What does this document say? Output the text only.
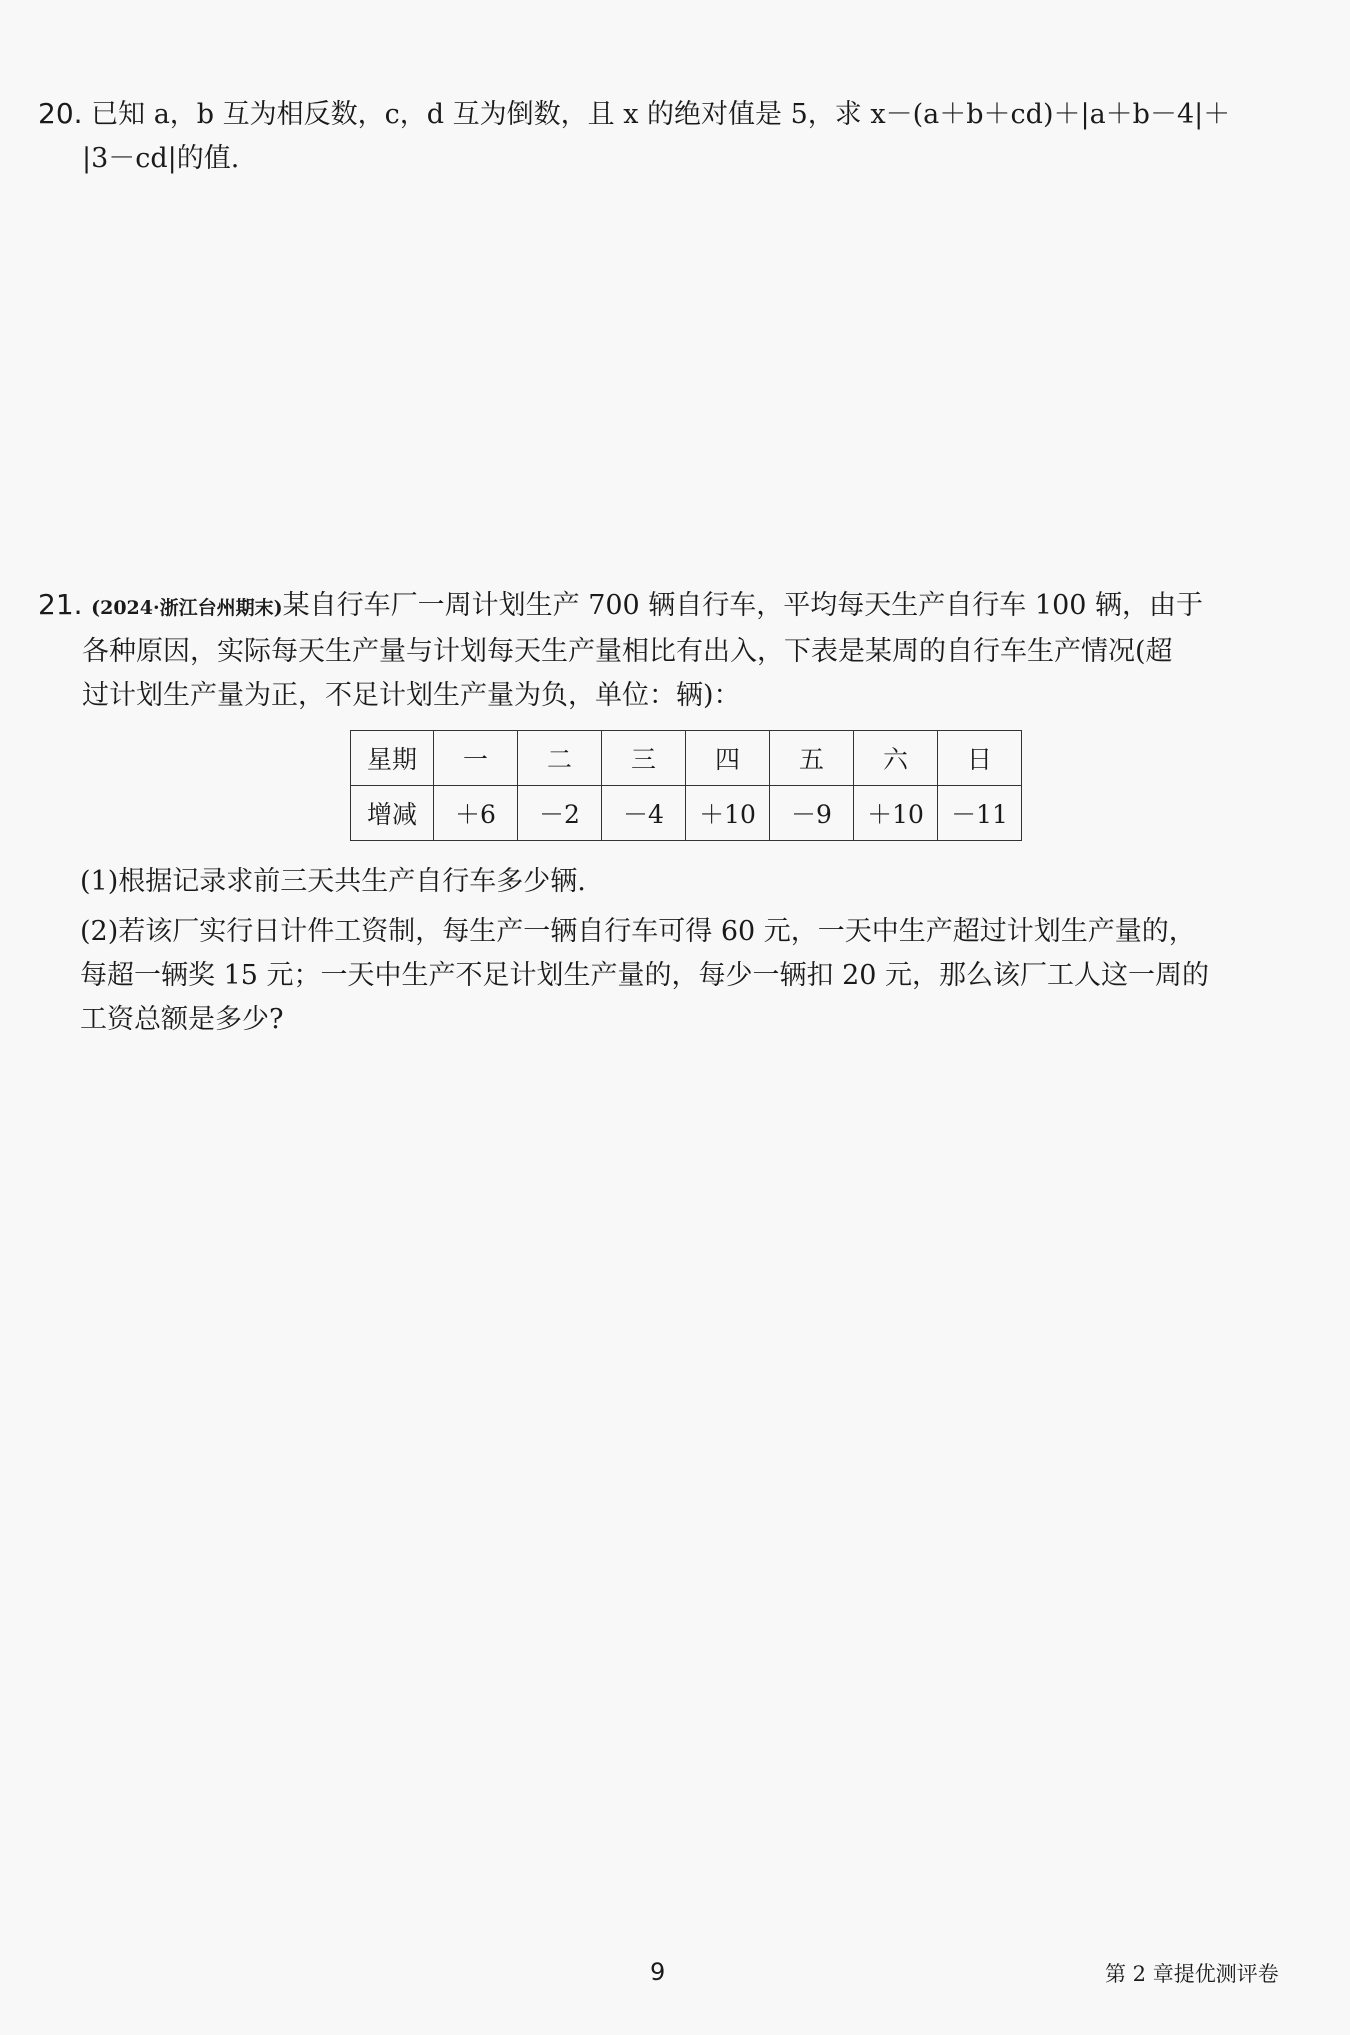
20. 已知 a，b 互为相反数，c，d 互为倒数，且 x 的绝对值是 5，求 x－(a＋b＋cd)＋|a＋b－4|＋
|3－cd|的值.
21. (2024·浙江台州期末)某自行车厂一周计划生产 700 辆自行车，平均每天生产自行车 100 辆，由于
各种原因，实际每天生产量与计划每天生产量相比有出入，下表是某周的自行车生产情况(超
过计划生产量为正，不足计划生产量为负，单位：辆)：
星期	一	二	三	四	五	六	日
增减	＋6	－2	－4	＋10	－9	＋10	－11
(1)根据记录求前三天共生产自行车多少辆.
(2)若该厂实行日计件工资制，每生产一辆自行车可得 60 元，一天中生产超过计划生产量的，
每超一辆奖 15 元；一天中生产不足计划生产量的，每少一辆扣 20 元，那么该厂工人这一周的
工资总额是多少?
9	第 2 章提优测评卷
